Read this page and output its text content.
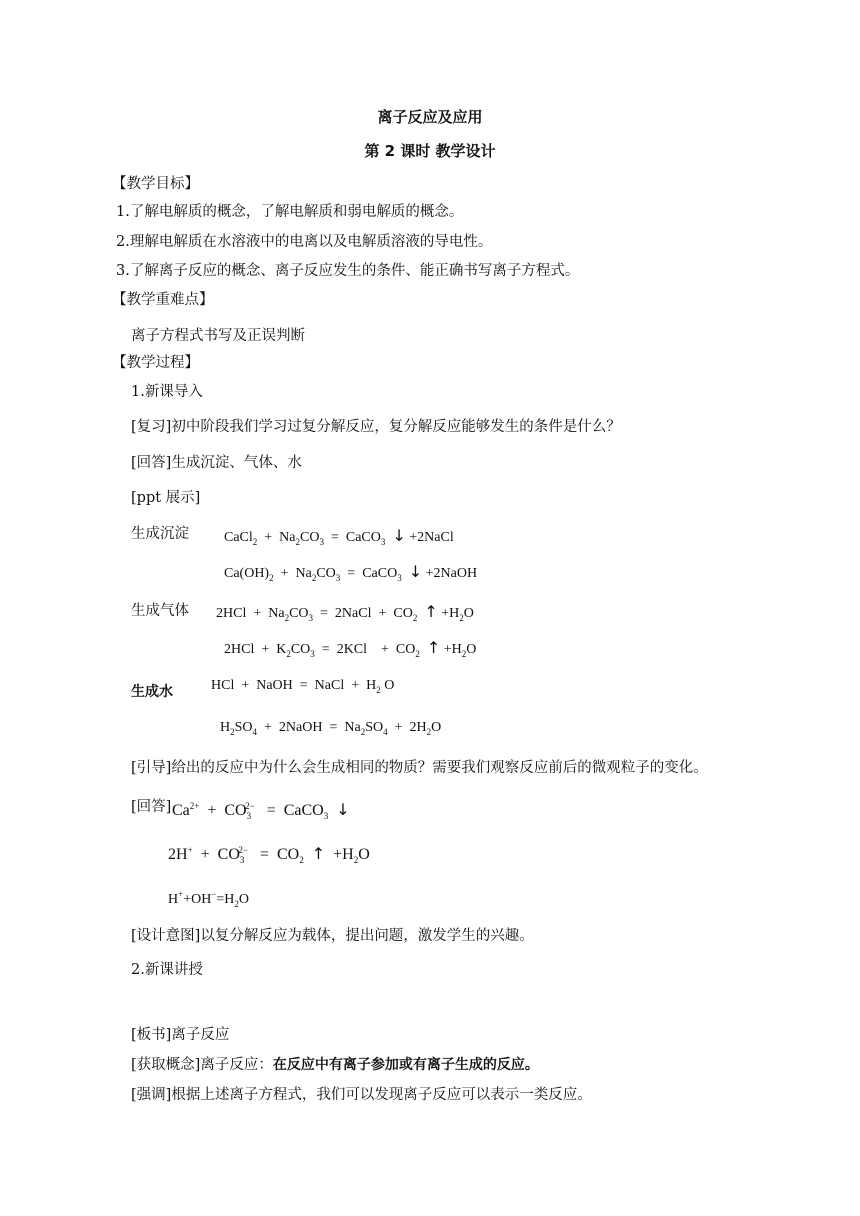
离子反应及应用
第 2 课时 教学设计
【教学目标】
1.了解电解质的概念，了解电解质和弱电解质的概念。
2.理解电解质在水溶液中的电离以及电解质溶液的导电性。
3.了解离子反应的概念、离子反应发生的条件、能正确书写离子方程式。
【教学重难点】
离子方程式书写及正误判断
【教学过程】
1.新课导入
[复习]初中阶段我们学习过复分解反应，复分解反应能够发生的条件是什么？
[回答]生成沉淀、气体、水
[ppt 展示]
生成沉淀	CaCl$_2$  +  $Na_2CO_3$  =  CaCO$_3$ ↓ +2NaCl
$Ca(OH)_2 + Na_2CO_3$  =  CaCO$_3$ ↓ +2NaOH
生成气体 $2HCl + Na_2CO_3$  =  2NaCl  +  $CO_2$ ↑ $+H_2O$
$2HCl + K_2CO_3 = 2KCl$    +  $CO_2$ ↑ $+H_2O$
生成水	HCl  +  NaOH  =  NaCl  +  $H_2$ O
$H_2SO_4$  +  2NaOH  =  $Na_2SO_4 + 2H_2O$
[引导]给出的反应中为什么会生成相同的物质？需要我们观察反应前后的微观粒子的变化。
[回答] $Ca^{2+} + CO_3^{2-}$   =  CaCO$_3$ ↓
$2H^+ + CO_3^{2-} = CO_2$ ↑  $+H_2O$
$H^++OH^-=H_2O$
[设计意图]以复分解反应为载体，提出问题，激发学生的兴趣。
2.新课讲授
[板书]离子反应
[获取概念]离子反应：在反应中有离子参加或有离子生成的反应。
[强调]根据上述离子方程式，我们可以发现离子反应可以表示一类反应。
